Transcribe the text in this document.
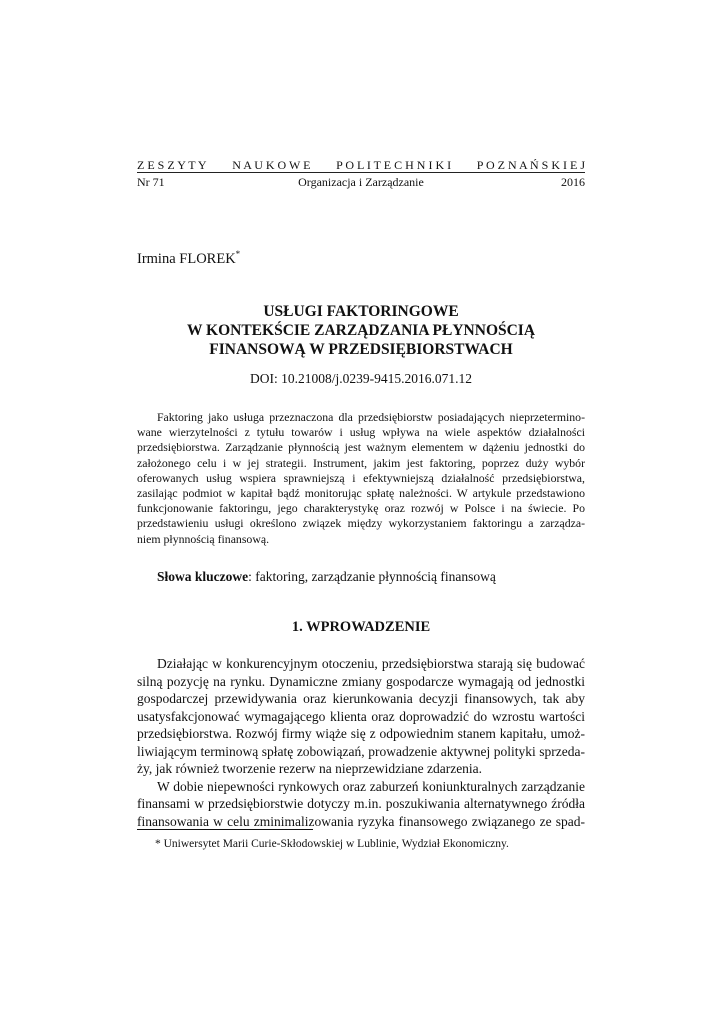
Z E S Z Y T Y N A U K O W E P O L I T E C H N I K I P O Z N A Ń S K I E J
Nr 71	Organizacja i Zarządzanie	2016
Irmina FLOREK*
USŁUGI FAKTORINGOWE
W KONTEKŚCIE ZARZĄDZANIA PŁYNNOŚCIĄ
FINANSOWĄ W PRZEDSIĘBIORSTWACH
DOI: 10.21008/j.0239-9415.2016.071.12
Faktoring jako usługa przeznaczona dla przedsiębiorstw posiadających nieprzetermino-
wane wierzytelności z tytułu towarów i usług wpływa na wiele aspektów działalności
przedsiębiorstwa. Zarządzanie płynnością jest ważnym elementem w dążeniu jednostki do
założonego celu i w jej strategii. Instrument, jakim jest faktoring, poprzez duży wybór
oferowanych usług wspiera sprawniejszą i efektywniejszą działalność przedsiębiorstwa,
zasilając podmiot w kapitał bądź monitorując spłatę należności. W artykule przedstawiono
funkcjonowanie faktoringu, jego charakterystykę oraz rozwój w Polsce i na świecie. Po
przedstawieniu usługi określono związek między wykorzystaniem faktoringu a zarządza-
niem płynnością finansową.
Słowa kluczowe: faktoring, zarządzanie płynnością finansową
1. WPROWADZENIE
Działając w konkurencyjnym otoczeniu, przedsiębiorstwa starają się budować
silną pozycję na rynku. Dynamiczne zmiany gospodarcze wymagają od jednostki
gospodarczej przewidywania oraz kierunkowania decyzji finansowych, tak aby
usatysfakcjonować wymagającego klienta oraz doprowadzić do wzrostu wartości
przedsiębiorstwa. Rozwój firmy wiąże się z odpowiednim stanem kapitału, umoż-
liwiającym terminową spłatę zobowiązań, prowadzenie aktywnej polityki sprzeda-
ży, jak również tworzenie rezerw na nieprzewidziane zdarzenia.
W dobie niepewności rynkowych oraz zaburzeń koniunkturalnych zarządzanie
finansami w przedsiębiorstwie dotyczy m.in. poszukiwania alternatywnego źródła
finansowania w celu zminimalizowania ryzyka finansowego związanego ze spad-
* Uniwersytet Marii Curie-Skłodowskiej w Lublinie, Wydział Ekonomiczny.
